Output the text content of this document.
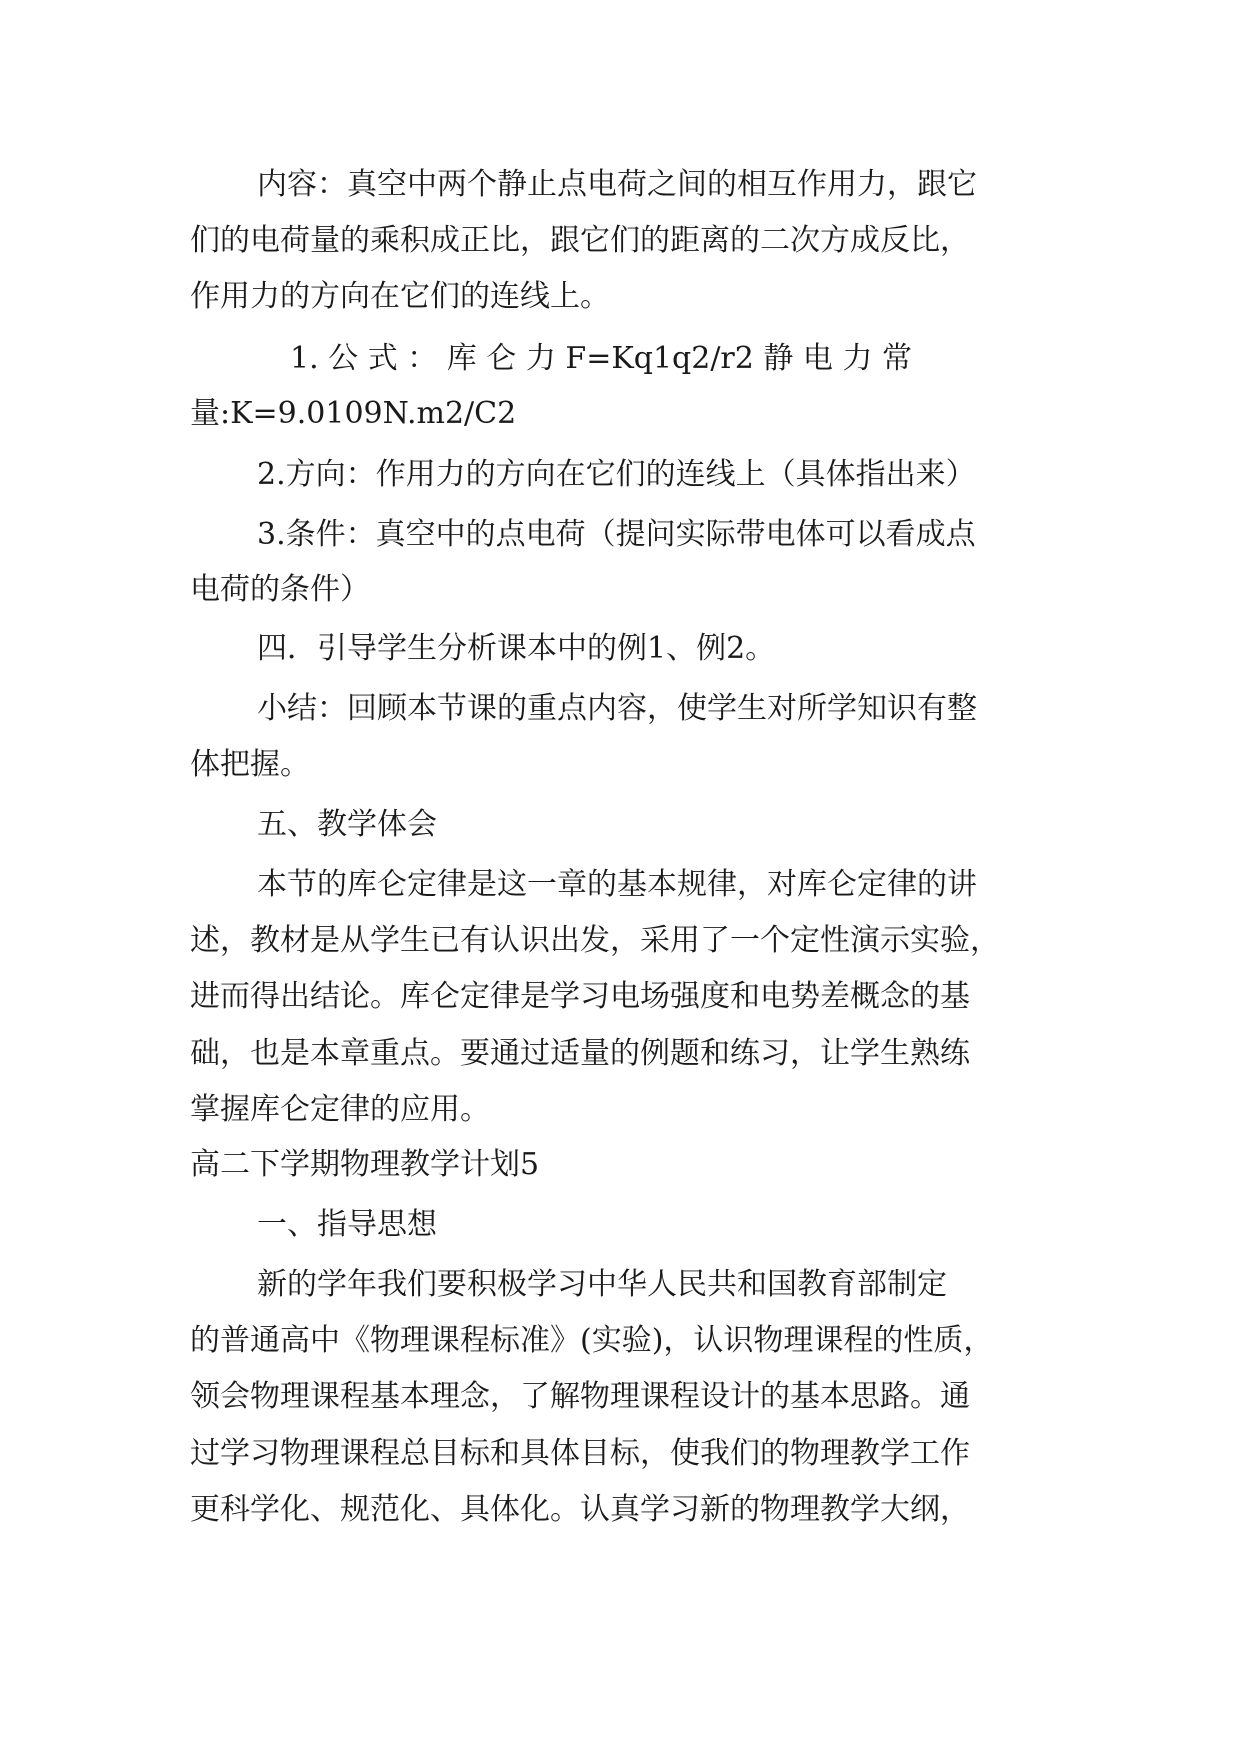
内容：真空中两个静止点电荷之间的相互作用力，跟它
们的电荷量的乘积成正比，跟它们的距离的二次方成反比，
作用力的方向在它们的连线上。
1. 公 式 ： 库 仑 力 F=Kq1q2/r2 静 电 力 常
量:K=9.0109N.m2/C2
2.方向：作用力的方向在它们的连线上（具体指出来）
3.条件：真空中的点电荷（提问实际带电体可以看成点
电荷的条件）
四．引导学生分析课本中的例1、例2。
小结：回顾本节课的重点内容，使学生对所学知识有整
体把握。
五、教学体会
本节的库仑定律是这一章的基本规律，对库仑定律的讲
述，教材是从学生已有认识出发，采用了一个定性演示实验，
进而得出结论。库仑定律是学习电场强度和电势差概念的基
础，也是本章重点。要通过适量的例题和练习，让学生熟练
掌握库仑定律的应用。
高二下学期物理教学计划5
一、指导思想
新的学年我们要积极学习中华人民共和国教育部制定
的普通高中《物理课程标准》(实验)，认识物理课程的性质，
领会物理课程基本理念，了解物理课程设计的基本思路。通
过学习物理课程总目标和具体目标，使我们的物理教学工作
更科学化、规范化、具体化。认真学习新的物理教学大纲，
